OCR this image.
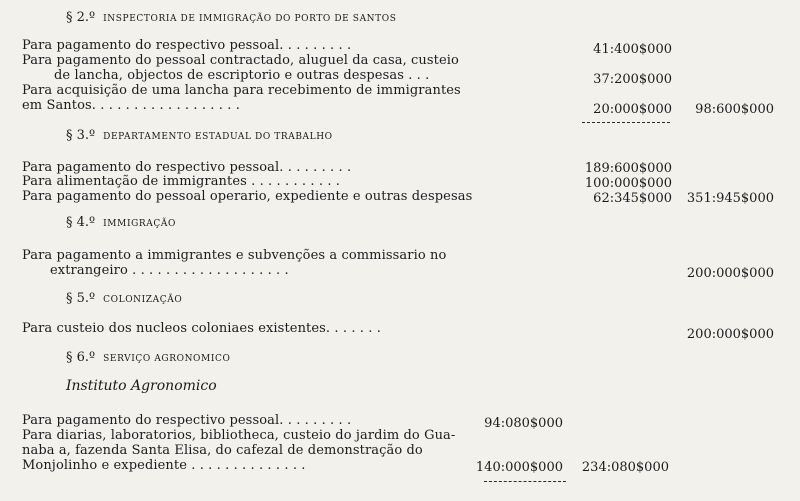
§ 2.º INSPECTORIA DE IMMIGRAÇÃO DO PORTO DE SANTOS
Para pagamento do respectivo pessoal. . . . . . . . .
Para pagamento do pessoal contractado, aluguel da casa, custeio
de lancha, objectos de escriptorio e outras despesas . . .
Para acquisição de uma lancha para recebimento de immigrantes
em Santos. . . . . . . . . . . . . . . . . .
41:400$000
37:200$000
20:000$000 98:600$000
§ 3.º DEPARTAMENTO ESTADUAL DO TRABALHO
Para pagamento do respectivo pessoal. . . . . . . . .
Para alimentação de immigrantes . . . . . . . . . . .
Para pagamento do pessoal operario, expediente e outras despesas
189:600$000
100:000$000
62:345$000 351:945$000
§ 4.º IMMIGRAÇÃO
Para pagamento a immigrantes e subvenções a commissario no
extrangeiro . . . . . . . . . . . . . . . . . . .	200:000$000
§ 5.º COLONIZAÇÃO
Para custeio dos nucleos coloniaes existentes. . . . . . .	200:000$000
§ 6.º SERVIÇO AGRONOMICO
Instituto Agronomico
Para pagamento do respectivo pessoal. . . . . . . . .
Para diarias, laboratorios, bibliotheca, custeio do jardim do Gua-
naba a, fazenda Santa Elisa, do cafezal de demonstração do
Monjolinho e expediente . . . . . . . . . . . . . .
94:080$000
140:000$000 234:080$000
